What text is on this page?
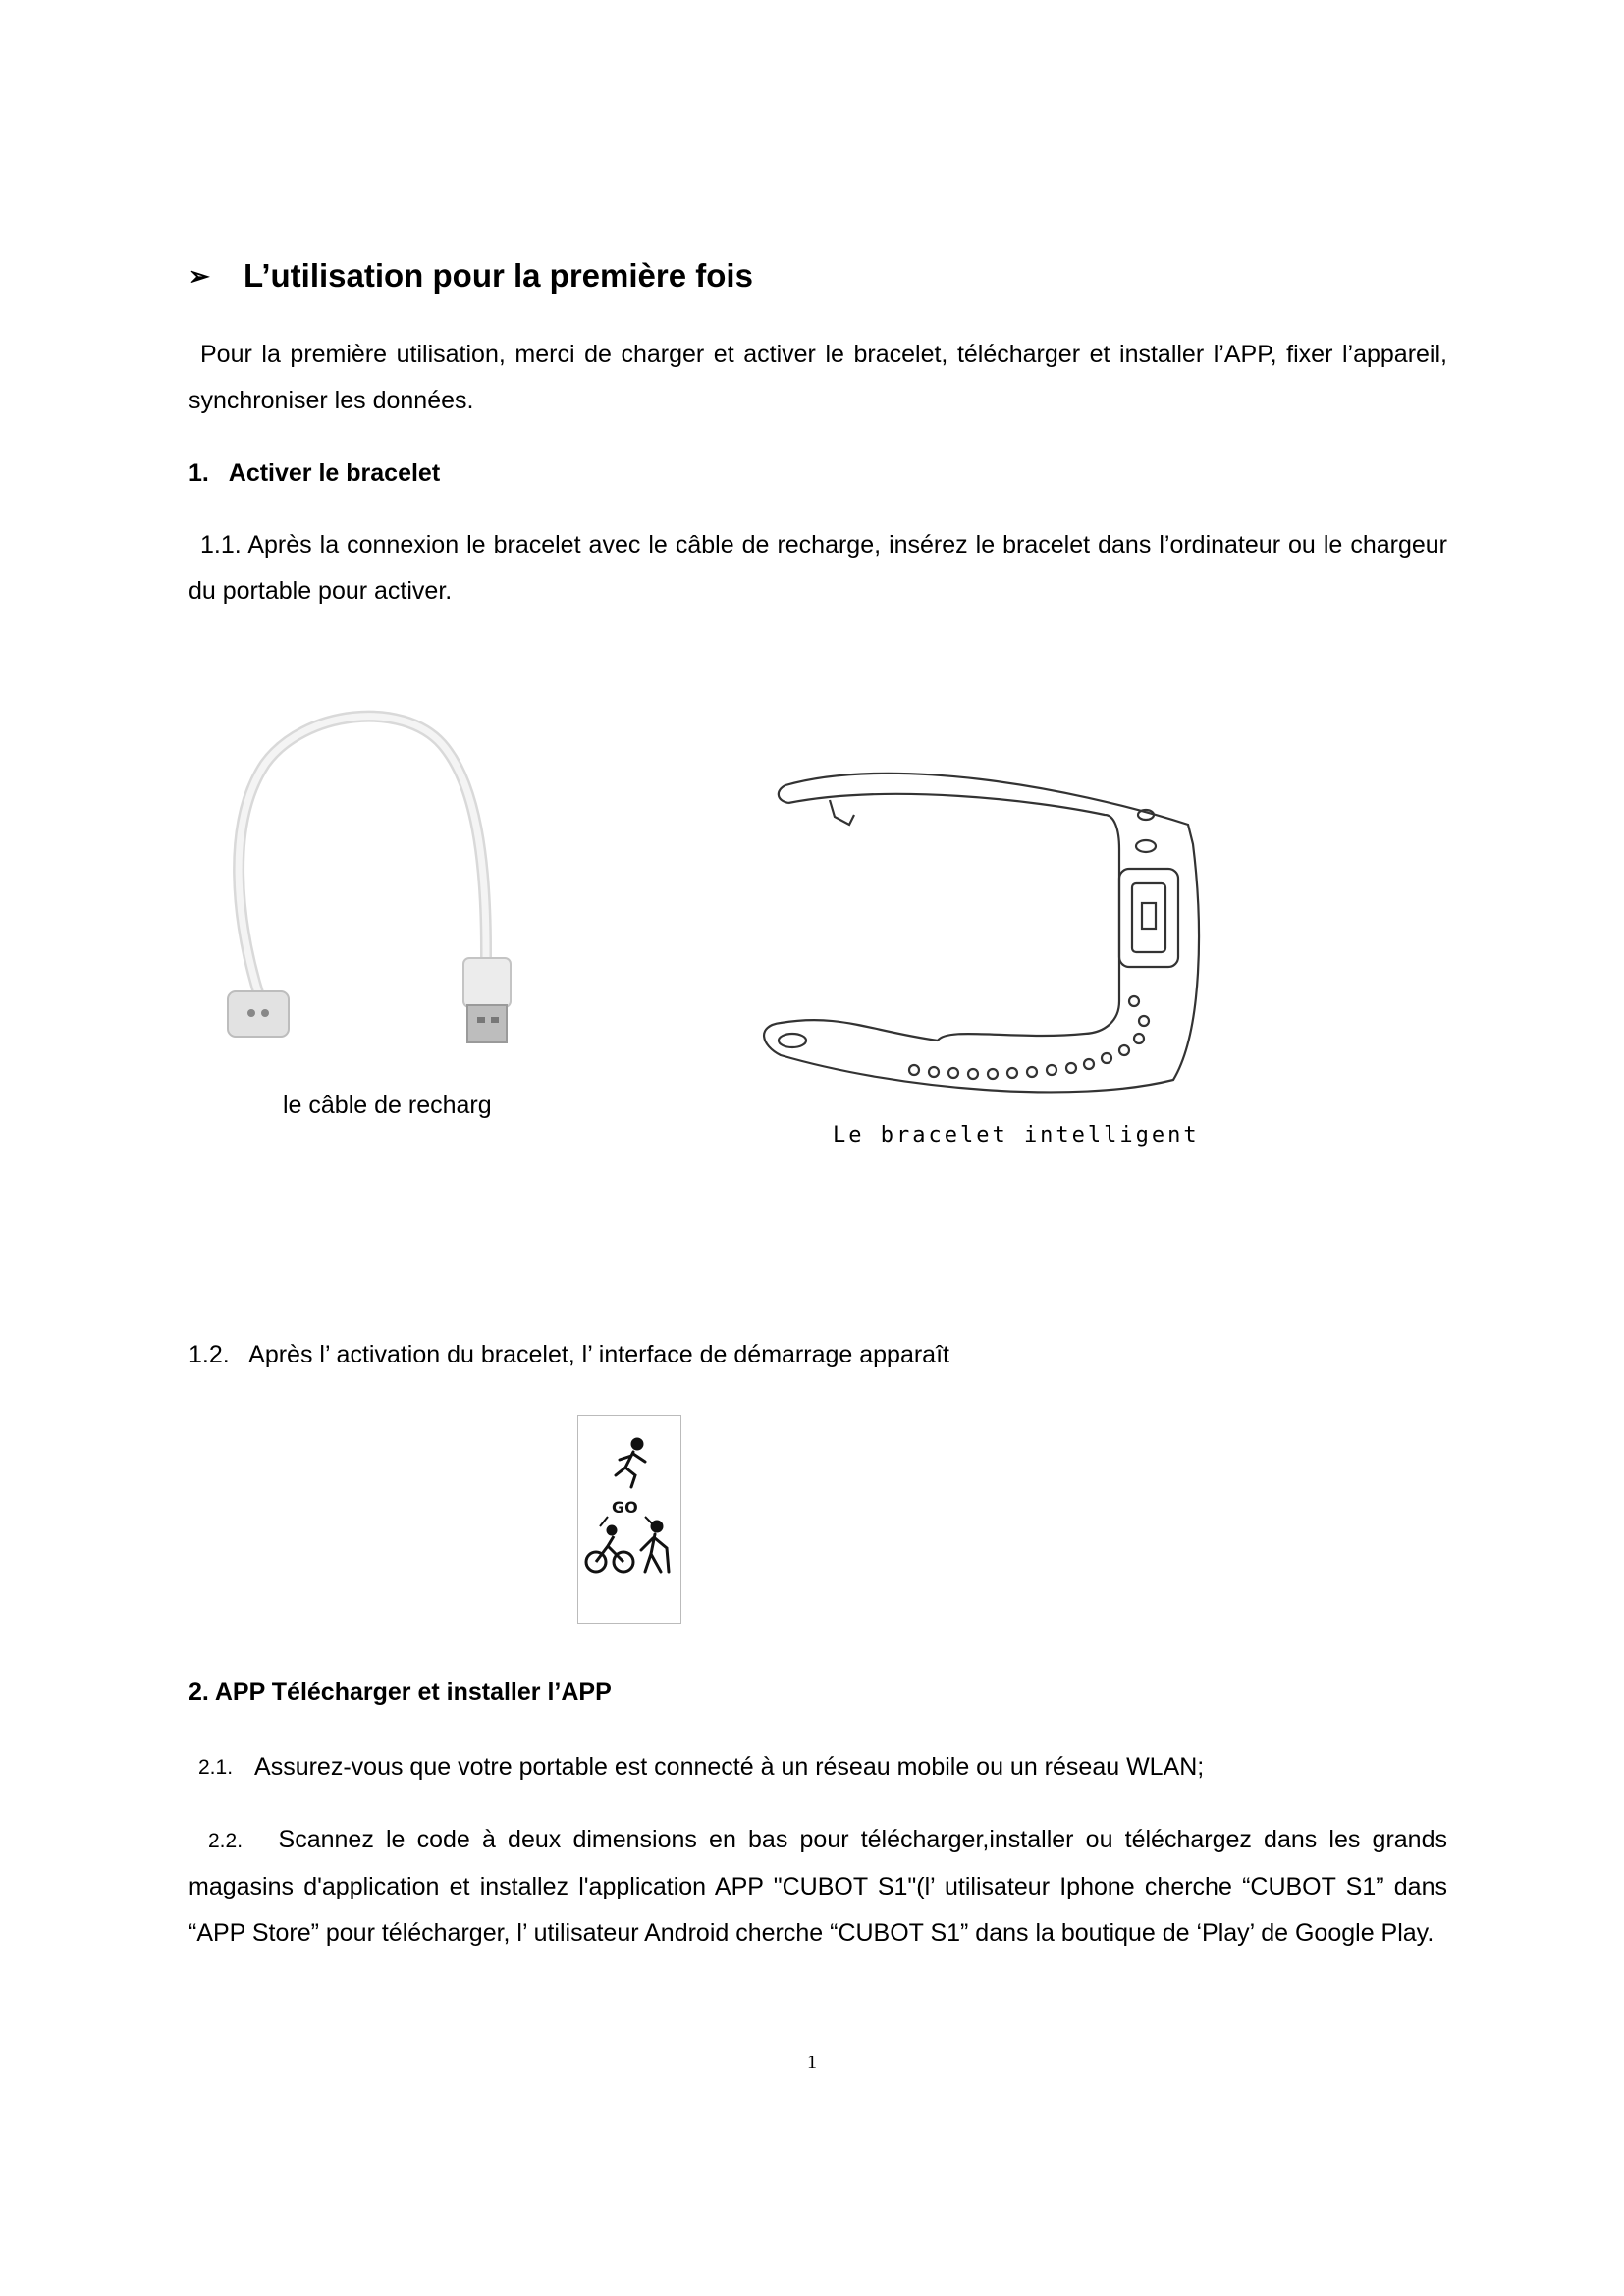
➢	L’utilisation pour la première fois
Pour la première utilisation, merci de charger et activer le bracelet, télécharger et installer l’APP, fixer l’appareil, synchroniser les données.
1.   Activer le bracelet
1.1. Après la connexion le bracelet avec le câble de recharge, insérez le bracelet dans l’ordinateur ou le chargeur du portable pour activer.
le câble de recharg
Le bracelet intelligent
1.2.   Après l’ activation du bracelet, l’ interface de démarrage apparaît
GO
2. APP Télécharger et installer l’APP
2.1. Assurez-vous que votre portable est connecté à un réseau mobile ou un réseau WLAN;
2.2. Scannez le code à deux dimensions en bas pour télécharger,installer ou téléchargez dans les grands magasins d'application et installez l'application APP "CUBOT S1"(l’ utilisateur Iphone cherche “CUBOT S1” dans “APP Store” pour télécharger, l’ utilisateur Android cherche “CUBOT S1” dans la boutique de ‘Play’ de Google Play.
1
